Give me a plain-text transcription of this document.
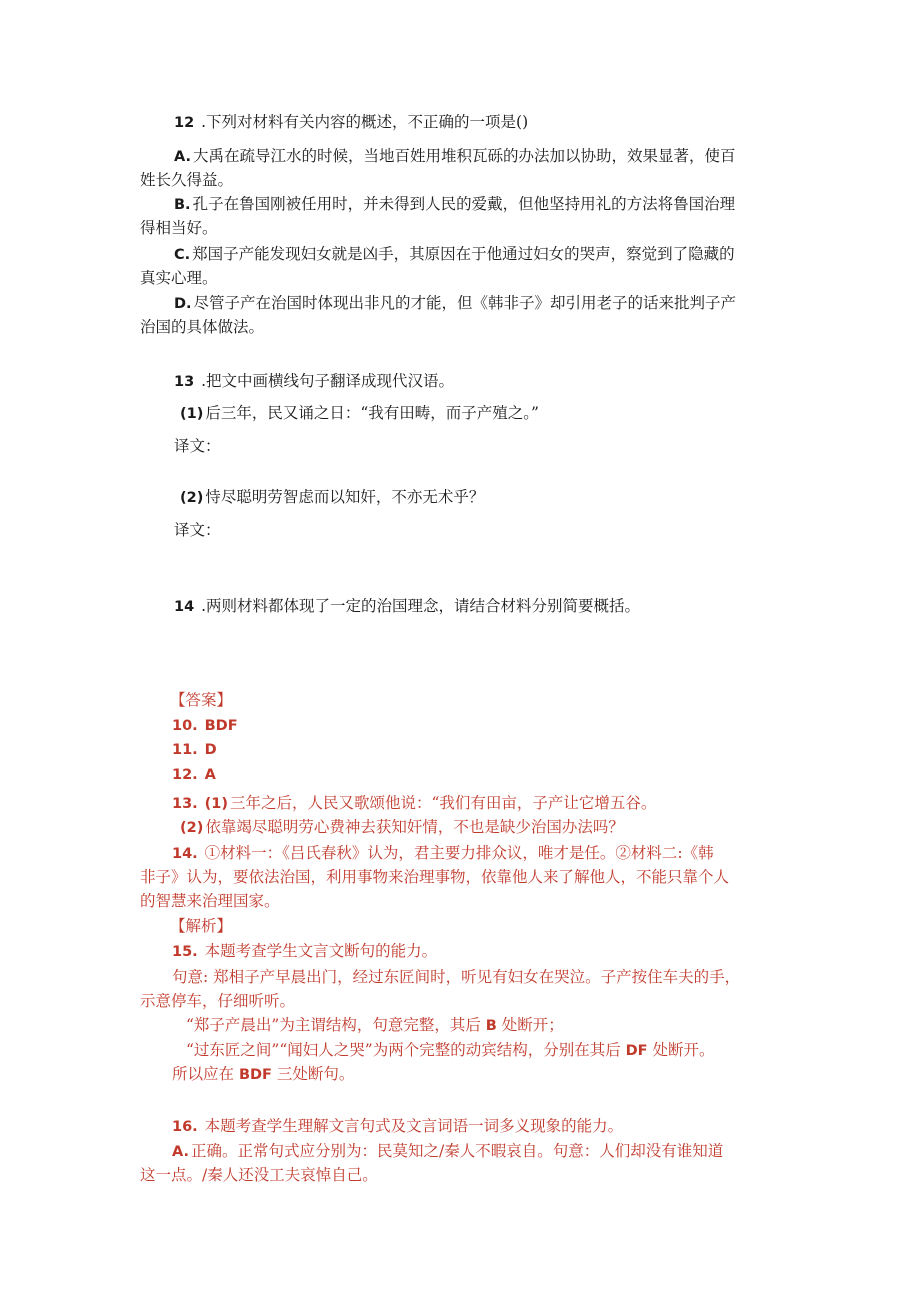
12 .下列对材料有关内容的概述，不正确的一项是()
A. 大禹在疏导江水的时候，当地百姓用堆积瓦砾的办法加以协助，效果显著，使百
姓长久得益。
B. 孔子在鲁国刚被任用时，并未得到人民的爱戴，但他坚持用礼的方法将鲁国治理
得相当好。
C. 郑国子产能发现妇女就是凶手，其原因在于他通过妇女的哭声，察觉到了隐藏的
真实心理。
D. 尽管子产在治国时体现出非凡的才能，但《韩非子》却引用老子的话来批判子产
治国的具体做法。
13 .把文中画横线句子翻译成现代汉语。
(1) 后三年，民又诵之日：“我有田畴，而子产殖之。”
译文：
(2) 恃尽聪明劳智虑而以知奸，不亦无术乎？
译文：
14 .两则材料都体现了一定的治国理念，请结合材料分别简要概括。
【答案】
10. BDF
11. D
12. A
13. (1) 三年之后，人民又歌颂他说：“我们有田亩，子产让它增五谷。
(2) 依靠竭尽聪明劳心费神去获知奸情，不也是缺少治国办法吗？
14. ①材料一：《吕氏春秋》认为，君主要力排众议，唯才是任。②材料二:《韩
非子》认为，要依法治国，利用事物来治理事物，依靠他人来了解他人，不能只靠个人
的智慧来治理国家。
【解析】
15. 本题考查学生文言文断句的能力。
句意: 郑相子产早晨出门，经过东匠间时，听见有妇女在哭泣。子产按住车夫的手，
示意停车，仔细听听。
“郑子产晨出”为主谓结构，句意完整，其后 B 处断开；
“过东匠之间”“闻妇人之哭”为两个完整的动宾结构，分别在其后 DF 处断开。
所以应在 BDF 三处断句。
16. 本题考查学生理解文言句式及文言词语一词多义现象的能力。
A. 正确。正常句式应分别为：民莫知之/秦人不暇哀自。句意：人们却没有谁知道
这一点。/秦人还没工夫哀悼自己。
